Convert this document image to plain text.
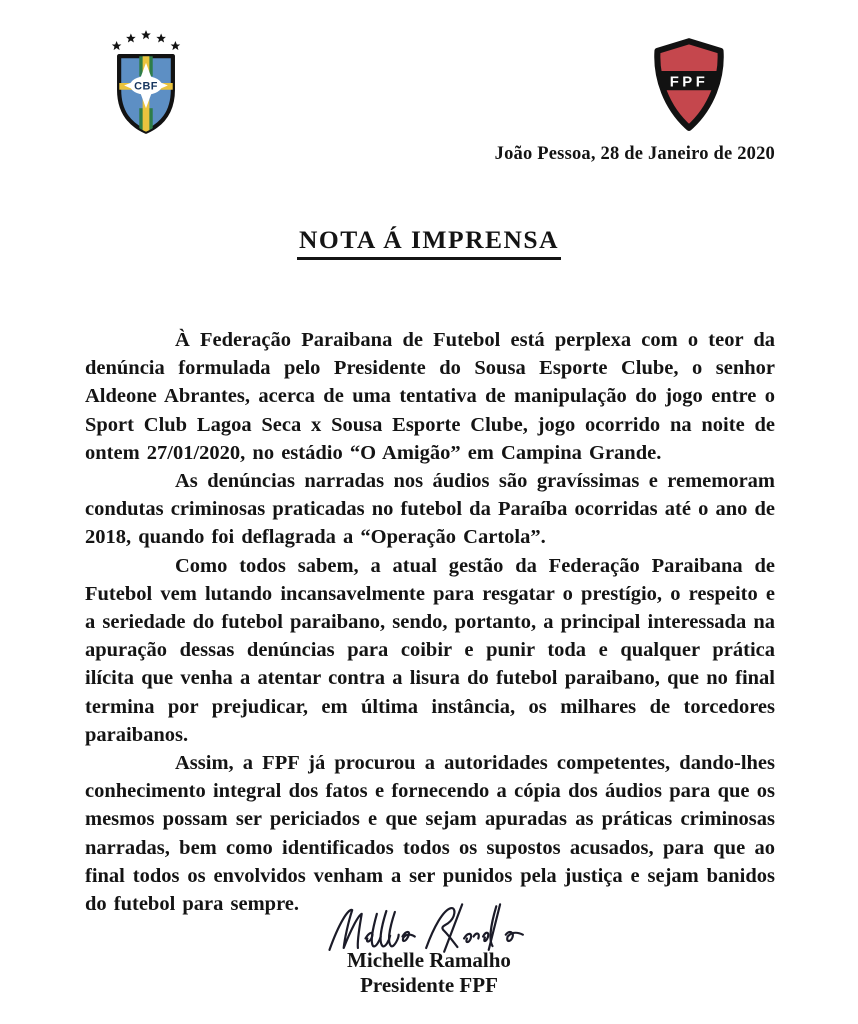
CBF	FPF
João Pessoa, 28 de Janeiro de 2020
NOTA Á IMPRENSA

À Federação Paraibana de Futebol está perplexa com o teor da denúncia formulada pelo Presidente do Sousa Esporte Clube, o senhor Aldeone Abrantes, acerca de uma tentativa de manipulação do jogo entre o Sport Club Lagoa Seca x Sousa Esporte Clube, jogo ocorrido na noite de ontem 27/01/2020, no estádio “O Amigão” em Campina Grande.

As denúncias narradas nos áudios são gravíssimas e rememoram condutas criminosas praticadas no futebol da Paraíba ocorridas até o ano de 2018, quando foi deflagrada a “Operação Cartola”.

Como todos sabem, a atual gestão da Federação Paraibana de Futebol vem lutando incansavelmente para resgatar o prestígio, o respeito e a seriedade do futebol paraibano, sendo, portanto, a principal interessada na apuração dessas denúncias para coibir e punir toda e qualquer prática ilícita que venha a atentar contra a lisura do futebol paraibano, que no final termina por prejudicar, em última instância, os milhares de torcedores paraibanos.

Assim, a FPF já procurou a autoridades competentes, dando-lhes conhecimento integral dos fatos e fornecendo a cópia dos áudios para que os mesmos possam ser periciados e que sejam apuradas as práticas criminosas narradas, bem como identificados todos os supostos acusados, para que ao final todos os envolvidos venham a ser punidos pela justiça e sejam banidos do futebol para sempre.

Michelle Ramalho
Presidente FPF
